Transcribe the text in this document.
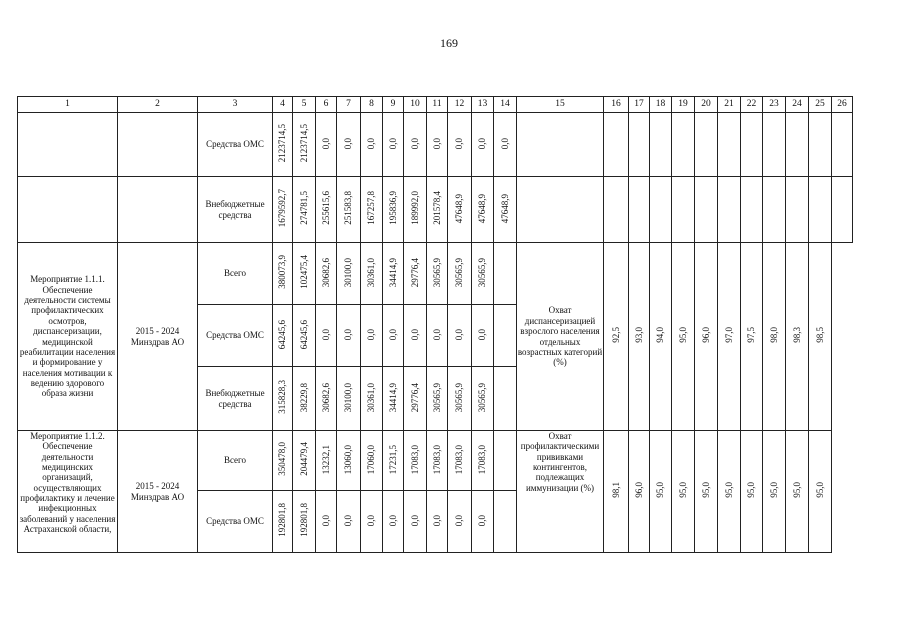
169
1	2	3	4	5	6	7	8	9	10	11	12	13	14	15	16	17	18	19	20	21	22	23	24	25	26
		Средства ОМС	2123714,5	2123714,5	0,0	0,0	0,0	0,0	0,0	0,0	0,0	0,0	0,0												
		Внебюджетные средства	1679592,7	274781,5	255615,6	251583,8	167257,8	195836,9	189992,0	201578,4	47648,9	47648,9	47648,9												
Мероприятие 1.1.1. Обеспечение деятельности системы профилактических осмотров, диспансеризации, медицинской реабилитации населения и формирование у населения мотивации к ведению здорового образа жизни	2015 - 2024 Минздрав АО	Всего	380073,9	102475,4	30682,6	30100,0	30361,0	34414,9	29776,4	30565,9	30565,9	30565,9		Охват диспансеризацией взрослого населения отдельных возрастных категорий (%)	92,5	93,0	94,0	95,0	96,0	97,0	97,5	98,0	98,3	98,5	
		Средства ОМС	64245,6	64245,6	0,0	0,0	0,0	0,0	0,0	0,0	0,0	0,0													
		Внебюджетные средства	315828,3	38229,8	30682,6	30100,0	30361,0	34414,9	29776,4	30565,9	30565,9	30565,9													
Мероприятие 1.1.2. Обеспечение деятельности медицинских организаций, осуществляющих профилактику и лечение инфекционных заболеваний у населения Астраханской области,	2015 - 2024 Минздрав АО	Всего	350478,0	204479,4	13232,1	13060,0	17060,0	17231,5	17083,0	17083,0	17083,0	17083,0		Охват профилактическими прививками контингентов, подлежащих иммунизации (%)	98,1	96,0	95,0	95,0	95,0	95,0	95,0	95,0	95,0	95,0	
		Средства ОМС	192801,8	192801,8	0,0	0,0	0,0	0,0	0,0	0,0	0,0	0,0													
